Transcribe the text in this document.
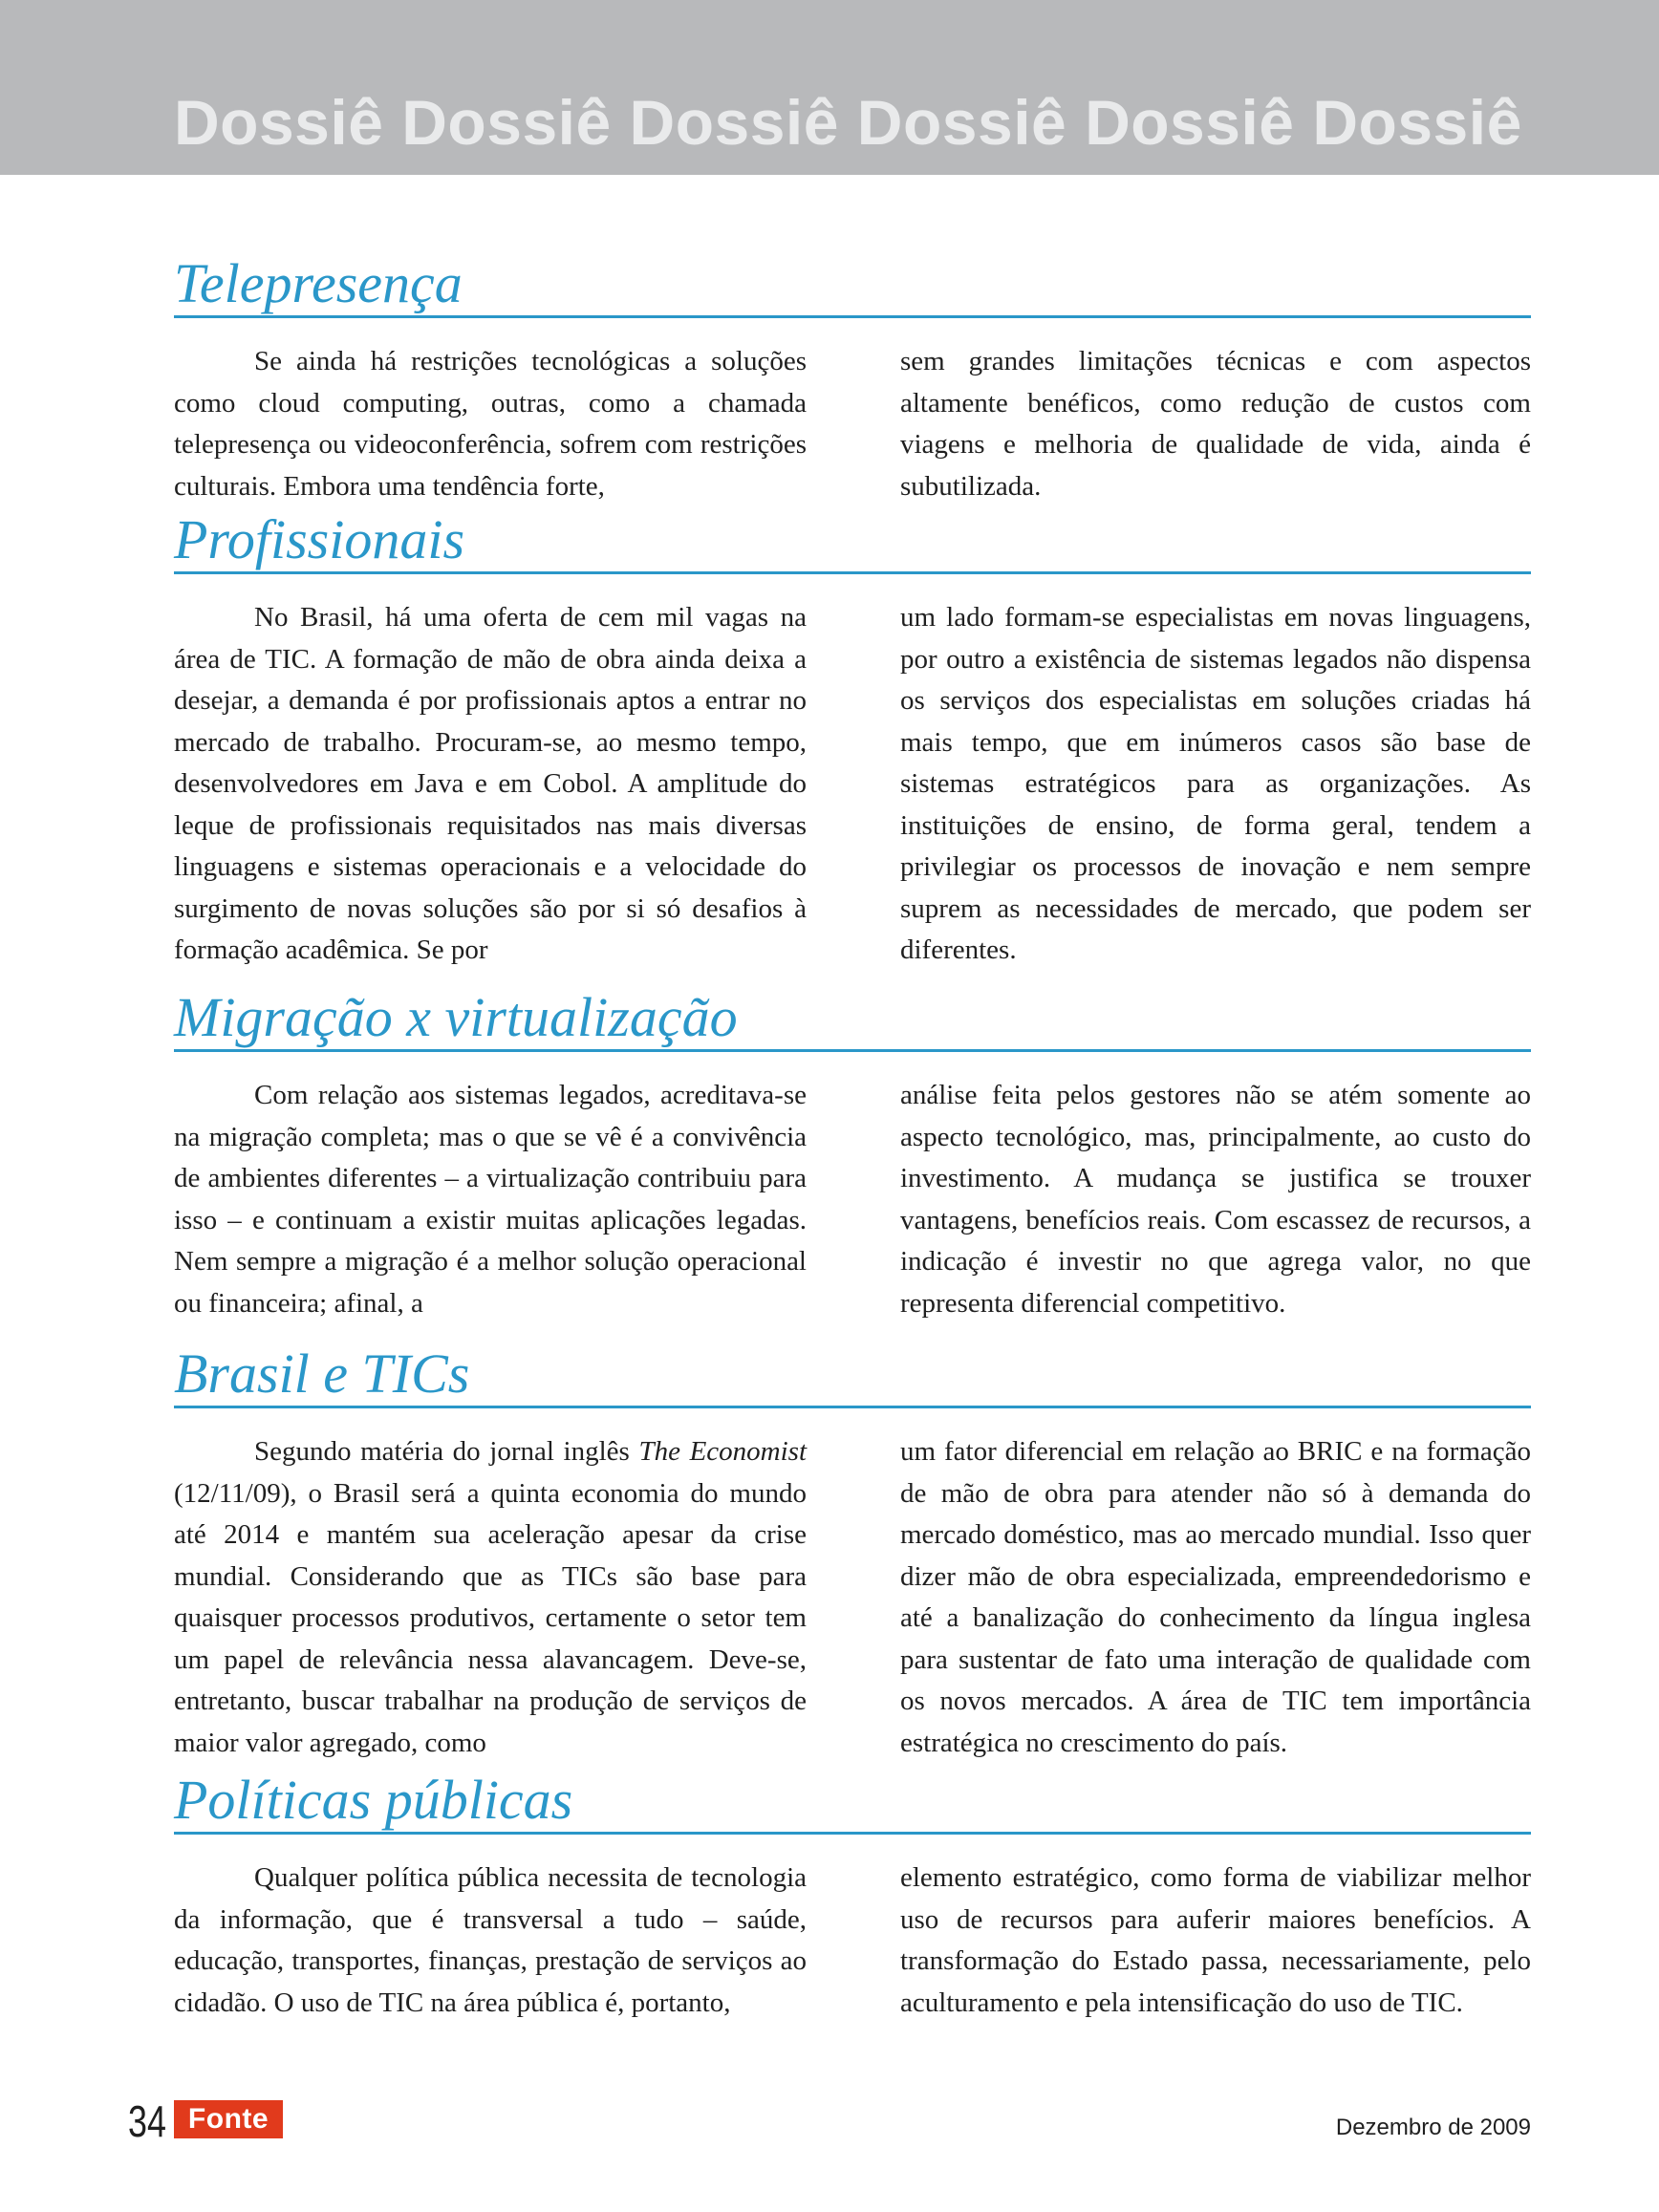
Dossiê Dossiê Dossiê Dossiê Dossiê Dossiê
Telepresença

Se ainda há restrições tecnológicas a soluções como cloud computing, outras, como a chamada telepresença ou videoconferência, sofrem com restrições culturais. Embora uma tendência forte,

sem grandes limitações técnicas e com aspectos altamente benéficos, como redução de custos com viagens e melhoria de qualidade de vida, ainda é subutilizada.

Profissionais

No Brasil, há uma oferta de cem mil vagas na área de TIC. A formação de mão de obra ainda deixa a desejar, a demanda é por profissionais aptos a entrar no mercado de trabalho. Procuram-se, ao mesmo tempo, desenvolvedores em Java e em Cobol. A amplitude do leque de profissionais requisitados nas mais diversas linguagens e sistemas operacionais e a velocidade do surgimento de novas soluções são por si só desafios à formação acadêmica. Se por

um lado formam-se especialistas em novas linguagens, por outro a existência de sistemas legados não dispensa os serviços dos especialistas em soluções criadas há mais tempo, que em inúmeros casos são base de sistemas estratégicos para as organizações. As instituições de ensino, de forma geral, tendem a privilegiar os processos de inovação e nem sempre suprem as necessidades de mercado, que podem ser diferentes.

Migração x virtualização

Com relação aos sistemas legados, acreditava-se na migração completa; mas o que se vê é a convivência de ambientes diferentes – a virtualização contribuiu para isso – e continuam a existir muitas aplicações legadas. Nem sempre a migração é a melhor solução operacional ou financeira; afinal, a

análise feita pelos gestores não se atém somente ao aspecto tecnológico, mas, principalmente, ao custo do investimento. A mudança se justifica se trouxer vantagens, benefícios reais. Com escassez de recursos, a indicação é investir no que agrega valor, no que representa diferencial competitivo.

Brasil e TICs

Segundo matéria do jornal inglês The Economist (12/11/09), o Brasil será a quinta economia do mundo até 2014 e mantém sua aceleração apesar da crise mundial. Considerando que as TICs são base para quaisquer processos produtivos, certamente o setor tem um papel de relevância nessa alavancagem. Deve-se, entretanto, buscar trabalhar na produção de serviços de maior valor agregado, como

um fator diferencial em relação ao BRIC e na formação de mão de obra para atender não só à demanda do mercado doméstico, mas ao mercado mundial. Isso quer dizer mão de obra especializada, empreendedorismo e até a banalização do conhecimento da língua inglesa para sustentar de fato uma interação de qualidade com os novos mercados. A área de TIC tem importância estratégica no crescimento do país.

Políticas públicas

Qualquer política pública necessita de tecnologia da informação, que é transversal a tudo – saúde, educação, transportes, finanças, prestação de serviços ao cidadão. O uso de TIC na área pública é, portanto,

elemento estratégico, como forma de viabilizar melhor uso de recursos para auferir maiores benefícios. A transformação do Estado passa, necessariamente, pelo aculturamento e pela intensificação do uso de TIC.

34 Fonte	Dezembro de 2009
